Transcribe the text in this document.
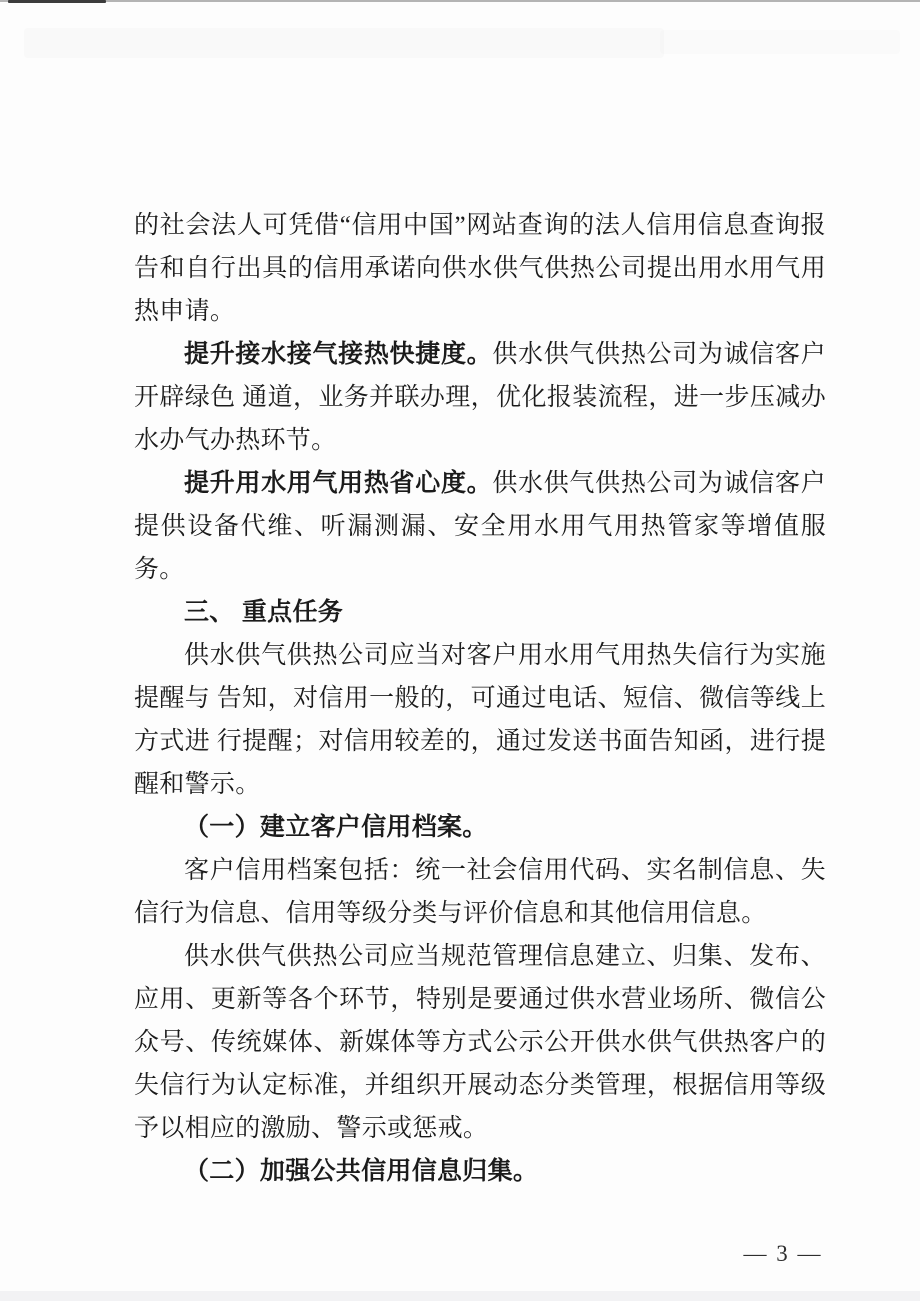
的社会法人可凭借“信用中国”网站查询的法人信用信息查询报告和自行出具的信用承诺向供水供气供热公司提出用水用气用热申请。

提升接水接气接热快捷度。供水供气供热公司为诚信客户开辟绿色 通道，业务并联办理，优化报装流程，进一步压减办水办气办热环节。

提升用水用气用热省心度。供水供气供热公司为诚信客户提供设备代维、听漏测漏、安全用水用气用热管家等增值服务。

三、 重点任务

供水供气供热公司应当对客户用水用气用热失信行为实施提醒与 告知，对信用一般的，可通过电话、短信、微信等线上方式进 行提醒；对信用较差的，通过发送书面告知函，进行提醒和警示。

（一）建立客户信用档案。

客户信用档案包括：统一社会信用代码、实名制信息、失信行为信息、信用等级分类与评价信息和其他信用信息。

供水供气供热公司应当规范管理信息建立、归集、发布、应用、更新等各个环节，特别是要通过供水营业场所、微信公众号、传统媒体、新媒体等方式公示公开供水供气供热客户的失信行为认定标准，并组织开展动态分类管理，根据信用等级予以相应的激励、警示或惩戒。

（二）加强公共信用信息归集。

— 3 —
